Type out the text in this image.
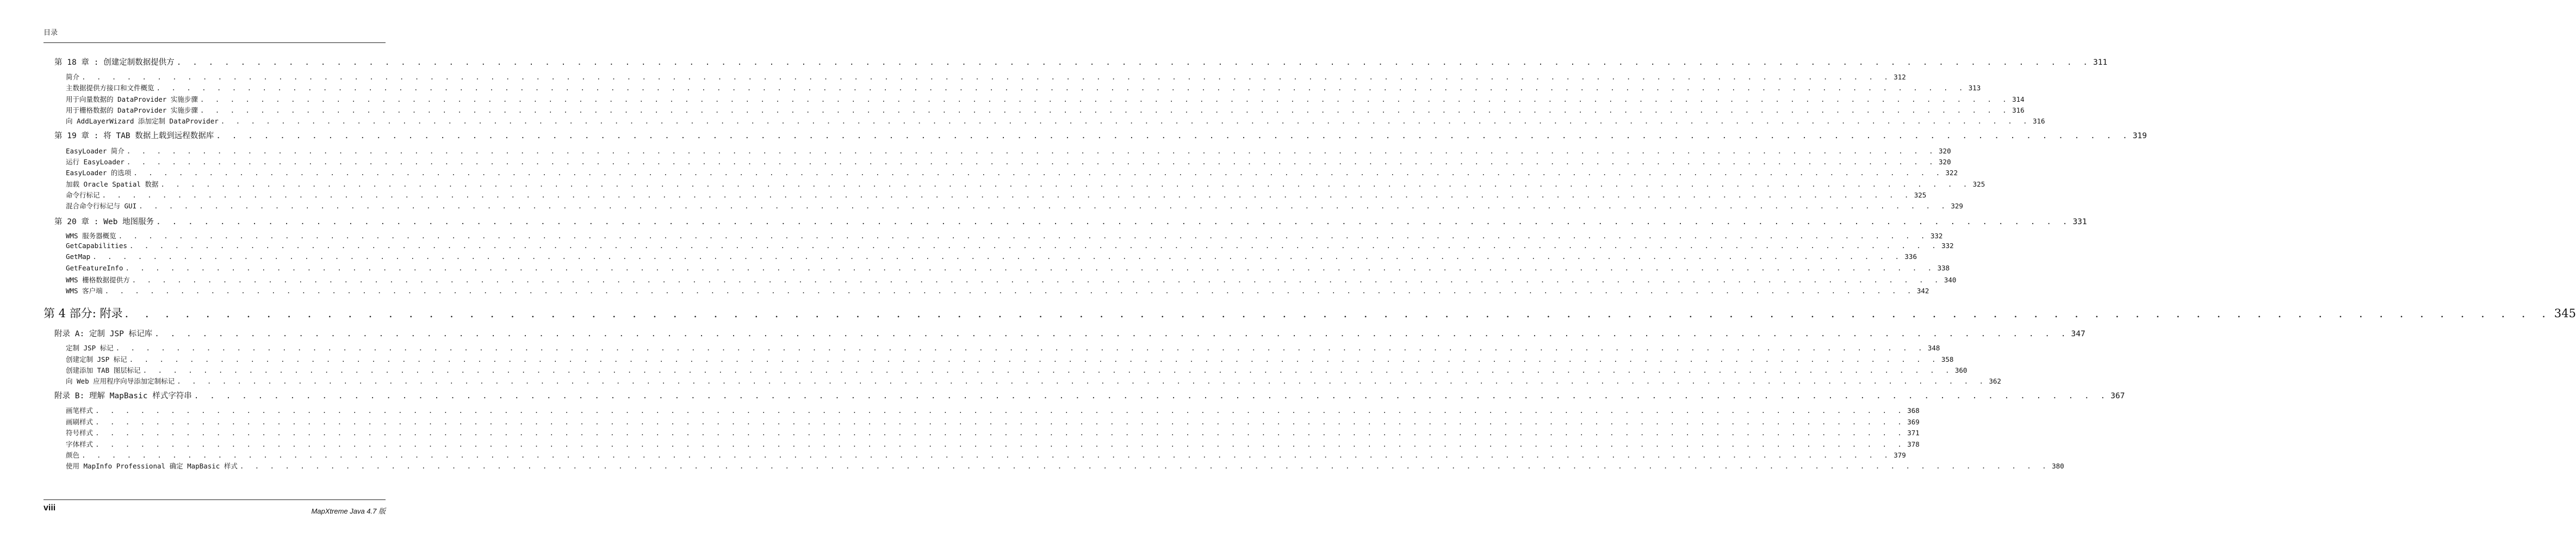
目录
第 18 章 : 创建定制数据提供方 . . . . . . . . . . . . . . . . . . . . . . . . . . . . . . . . . . . . . . . . . . . . . . . . . . . . . . . . . . . . . . . . . . . . . . . . . . . . . . . . . . . . . . . . . . . . . . . . . . . . . . . . . . . . . . . . . . . . . . . . 311
简介 . . . . . . . . . . . . . . . . . . . . . . . . . . . . . . . . . . . . . . . . . . . . . . . . . . . . . . . . . . . . . . . . . . . . . . . . . . . . . . . . . . . . . . . . . . . . . . . . . . . . . . . . . . . . . . . . . . . . . . . . 312
主数据提供方接口和文件概览 . . . . . . . . . . . . . . . . . . . . . . . . . . . . . . . . . . . . . . . . . . . . . . . . . . . . . . . . . . . . . . . . . . . . . . . . . . . . . . . . . . . . . . . . . . . . . . . . . . . . . . . . . . . . . . . . . . . . . . . . 313
用于向量数据的 DataProvider 实施步骤 . . . . . . . . . . . . . . . . . . . . . . . . . . . . . . . . . . . . . . . . . . . . . . . . . . . . . . . . . . . . . . . . . . . . . . . . . . . . . . . . . . . . . . . . . . . . . . . . . . . . . . . . . . . . . . . . . . . . . . . . 314
用于栅格数据的 DataProvider 实施步骤 . . . . . . . . . . . . . . . . . . . . . . . . . . . . . . . . . . . . . . . . . . . . . . . . . . . . . . . . . . . . . . . . . . . . . . . . . . . . . . . . . . . . . . . . . . . . . . . . . . . . . . . . . . . . . . . . . . . . . . . . 316
向 AddLayerWizard 添加定制 DataProvider . . . . . . . . . . . . . . . . . . . . . . . . . . . . . . . . . . . . . . . . . . . . . . . . . . . . . . . . . . . . . . . . . . . . . . . . . . . . . . . . . . . . . . . . . . . . . . . . . . . . . . . . . . . . . . . . . . . . . . . . 316
第 19 章 : 将 TAB 数据上载到远程数据库 . . . . . . . . . . . . . . . . . . . . . . . . . . . . . . . . . . . . . . . . . . . . . . . . . . . . . . . . . . . . . . . . . . . . . . . . . . . . . . . . . . . . . . . . . . . . . . . . . . . . . . . . . . . . . . . . . . . . . . . . 319
EasyLoader 简介 . . . . . . . . . . . . . . . . . . . . . . . . . . . . . . . . . . . . . . . . . . . . . . . . . . . . . . . . . . . . . . . . . . . . . . . . . . . . . . . . . . . . . . . . . . . . . . . . . . . . . . . . . . . . . . . . . . . . . . . . 320
运行 EasyLoader . . . . . . . . . . . . . . . . . . . . . . . . . . . . . . . . . . . . . . . . . . . . . . . . . . . . . . . . . . . . . . . . . . . . . . . . . . . . . . . . . . . . . . . . . . . . . . . . . . . . . . . . . . . . . . . . . . . . . . . . 320
EasyLoader 的选项 . . . . . . . . . . . . . . . . . . . . . . . . . . . . . . . . . . . . . . . . . . . . . . . . . . . . . . . . . . . . . . . . . . . . . . . . . . . . . . . . . . . . . . . . . . . . . . . . . . . . . . . . . . . . . . . . . . . . . . . . 322
加载 Oracle Spatial 数据 . . . . . . . . . . . . . . . . . . . . . . . . . . . . . . . . . . . . . . . . . . . . . . . . . . . . . . . . . . . . . . . . . . . . . . . . . . . . . . . . . . . . . . . . . . . . . . . . . . . . . . . . . . . . . . . . . . . . . . . . 325
命令行标记 . . . . . . . . . . . . . . . . . . . . . . . . . . . . . . . . . . . . . . . . . . . . . . . . . . . . . . . . . . . . . . . . . . . . . . . . . . . . . . . . . . . . . . . . . . . . . . . . . . . . . . . . . . . . . . . . . . . . . . . . 325
混合命令行标记与 GUI . . . . . . . . . . . . . . . . . . . . . . . . . . . . . . . . . . . . . . . . . . . . . . . . . . . . . . . . . . . . . . . . . . . . . . . . . . . . . . . . . . . . . . . . . . . . . . . . . . . . . . . . . . . . . . . . . . . . . . . . 329
第 20 章 : Web 地图服务 . . . . . . . . . . . . . . . . . . . . . . . . . . . . . . . . . . . . . . . . . . . . . . . . . . . . . . . . . . . . . . . . . . . . . . . . . . . . . . . . . . . . . . . . . . . . . . . . . . . . . . . . . . . . . . . . . . . . . . . . 331
WMS 服务器概览 . . . . . . . . . . . . . . . . . . . . . . . . . . . . . . . . . . . . . . . . . . . . . . . . . . . . . . . . . . . . . . . . . . . . . . . . . . . . . . . . . . . . . . . . . . . . . . . . . . . . . . . . . . . . . . . . . . . . . . . . 332
GetCapabilities . . . . . . . . . . . . . . . . . . . . . . . . . . . . . . . . . . . . . . . . . . . . . . . . . . . . . . . . . . . . . . . . . . . . . . . . . . . . . . . . . . . . . . . . . . . . . . . . . . . . . . . . . . . . . . . . . . . . . . . . 332
GetMap . . . . . . . . . . . . . . . . . . . . . . . . . . . . . . . . . . . . . . . . . . . . . . . . . . . . . . . . . . . . . . . . . . . . . . . . . . . . . . . . . . . . . . . . . . . . . . . . . . . . . . . . . . . . . . . . . . . . . . . . 336
GetFeatureInfo . . . . . . . . . . . . . . . . . . . . . . . . . . . . . . . . . . . . . . . . . . . . . . . . . . . . . . . . . . . . . . . . . . . . . . . . . . . . . . . . . . . . . . . . . . . . . . . . . . . . . . . . . . . . . . . . . . . . . . . . 338
WMS 栅格数据提供方 . . . . . . . . . . . . . . . . . . . . . . . . . . . . . . . . . . . . . . . . . . . . . . . . . . . . . . . . . . . . . . . . . . . . . . . . . . . . . . . . . . . . . . . . . . . . . . . . . . . . . . . . . . . . . . . . . . . . . . . . 340
WMS 客户端 . . . . . . . . . . . . . . . . . . . . . . . . . . . . . . . . . . . . . . . . . . . . . . . . . . . . . . . . . . . . . . . . . . . . . . . . . . . . . . . . . . . . . . . . . . . . . . . . . . . . . . . . . . . . . . . . . . . . . . . . 342
第 4 部分: 附录 . . . . . . . . . . . . . . . . . . . . . . . . . . . . . . . . . . . . . . . . . . . . . . . . . . . . . . . . . . . . . . . . . . . . . . . . . . . . . . . . . . . . . . . . . . . . . . . . . . . . . . . . . . . . . . . . . . . . . . . . 345
附录 A: 定制 JSP 标记库 . . . . . . . . . . . . . . . . . . . . . . . . . . . . . . . . . . . . . . . . . . . . . . . . . . . . . . . . . . . . . . . . . . . . . . . . . . . . . . . . . . . . . . . . . . . . . . . . . . . . . . . . . . . . . . . . . . . . . . . . 347
定制 JSP 标记 . . . . . . . . . . . . . . . . . . . . . . . . . . . . . . . . . . . . . . . . . . . . . . . . . . . . . . . . . . . . . . . . . . . . . . . . . . . . . . . . . . . . . . . . . . . . . . . . . . . . . . . . . . . . . . . . . . . . . . . . 348
创建定制 JSP 标记 . . . . . . . . . . . . . . . . . . . . . . . . . . . . . . . . . . . . . . . . . . . . . . . . . . . . . . . . . . . . . . . . . . . . . . . . . . . . . . . . . . . . . . . . . . . . . . . . . . . . . . . . . . . . . . . . . . . . . . . . 358
创建添加 TAB 图层标记 . . . . . . . . . . . . . . . . . . . . . . . . . . . . . . . . . . . . . . . . . . . . . . . . . . . . . . . . . . . . . . . . . . . . . . . . . . . . . . . . . . . . . . . . . . . . . . . . . . . . . . . . . . . . . . . . . . . . . . . . 360
向 Web 应用程序向导添加定制标记 . . . . . . . . . . . . . . . . . . . . . . . . . . . . . . . . . . . . . . . . . . . . . . . . . . . . . . . . . . . . . . . . . . . . . . . . . . . . . . . . . . . . . . . . . . . . . . . . . . . . . . . . . . . . . . . . . . . . . . . . 362
附录 B: 理解 MapBasic 样式字符串 . . . . . . . . . . . . . . . . . . . . . . . . . . . . . . . . . . . . . . . . . . . . . . . . . . . . . . . . . . . . . . . . . . . . . . . . . . . . . . . . . . . . . . . . . . . . . . . . . . . . . . . . . . . . . . . . . . . . . . . . 367
画笔样式 . . . . . . . . . . . . . . . . . . . . . . . . . . . . . . . . . . . . . . . . . . . . . . . . . . . . . . . . . . . . . . . . . . . . . . . . . . . . . . . . . . . . . . . . . . . . . . . . . . . . . . . . . . . . . . . . . . . . . . . . 368
画刷样式 . . . . . . . . . . . . . . . . . . . . . . . . . . . . . . . . . . . . . . . . . . . . . . . . . . . . . . . . . . . . . . . . . . . . . . . . . . . . . . . . . . . . . . . . . . . . . . . . . . . . . . . . . . . . . . . . . . . . . . . . 369
符号样式 . . . . . . . . . . . . . . . . . . . . . . . . . . . . . . . . . . . . . . . . . . . . . . . . . . . . . . . . . . . . . . . . . . . . . . . . . . . . . . . . . . . . . . . . . . . . . . . . . . . . . . . . . . . . . . . . . . . . . . . . 371
字体样式 . . . . . . . . . . . . . . . . . . . . . . . . . . . . . . . . . . . . . . . . . . . . . . . . . . . . . . . . . . . . . . . . . . . . . . . . . . . . . . . . . . . . . . . . . . . . . . . . . . . . . . . . . . . . . . . . . . . . . . . . 378
颜色 . . . . . . . . . . . . . . . . . . . . . . . . . . . . . . . . . . . . . . . . . . . . . . . . . . . . . . . . . . . . . . . . . . . . . . . . . . . . . . . . . . . . . . . . . . . . . . . . . . . . . . . . . . . . . . . . . . . . . . . . 379
使用 MapInfo Professional 确定 MapBasic 样式 . . . . . . . . . . . . . . . . . . . . . . . . . . . . . . . . . . . . . . . . . . . . . . . . . . . . . . . . . . . . . . . . . . . . . . . . . . . . . . . . . . . . . . . . . . . . . . . . . . . . . . . . . . . . . . . . . . . . . . . . 380
viii	MapXtreme Java 4.7 版
